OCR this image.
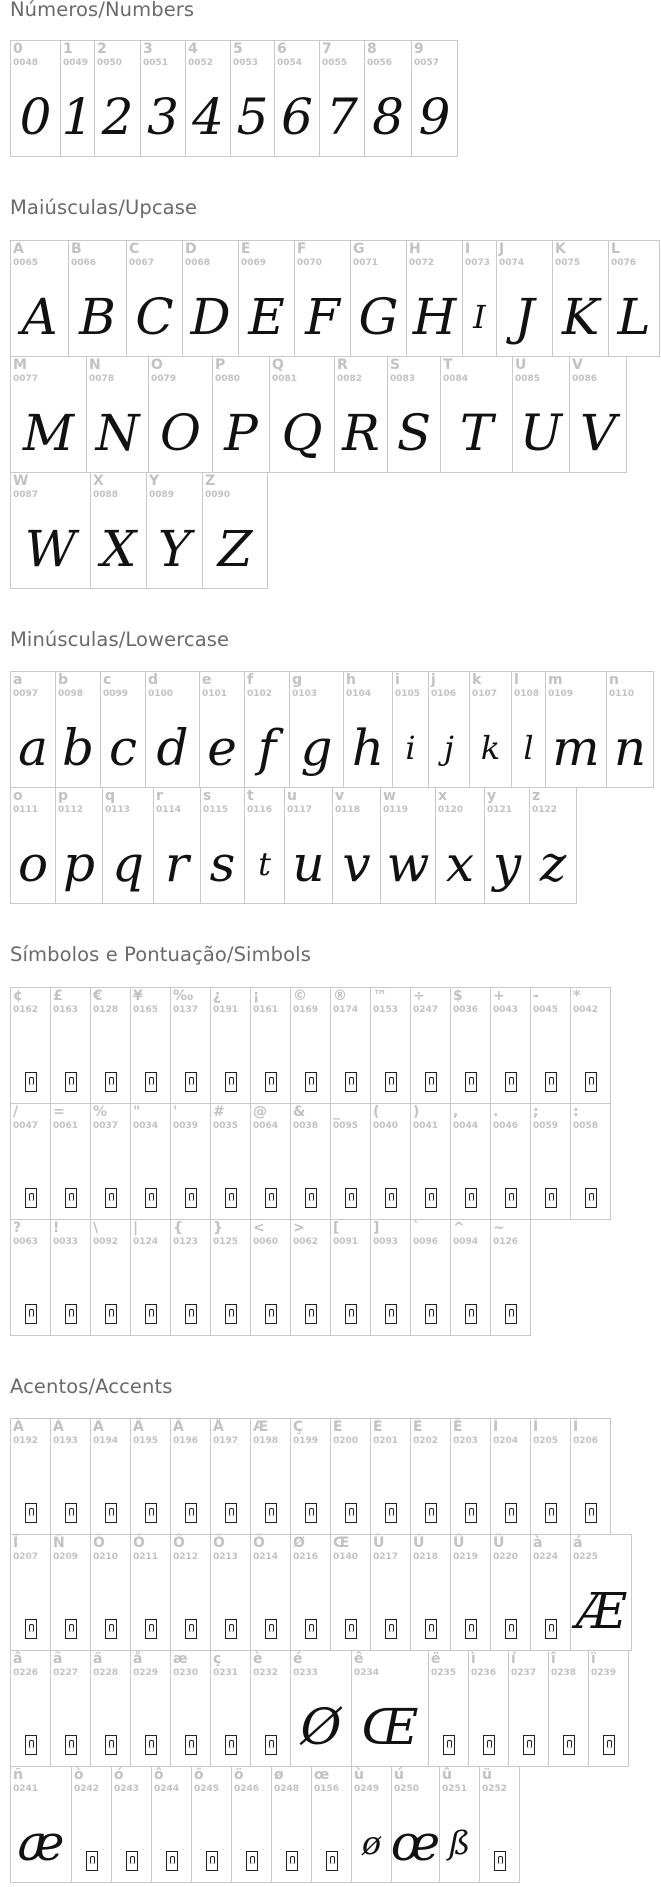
Números/Numbers
Maiúsculas/Upcase
Minúsculas/Lowercase
Símbolos e Pontuação/Simbols
Acentos/Accents
0
0048
0
1
0049
1
2
0050
2
3
0051
3
4
0052
4
5
0053
5
6
0054
6
7
0055
7
8
0056
8
9
0057
9
A
0065
A
B
0066
B
C
0067
C
D
0068
D
E
0069
E
F
0070
F
G
0071
G
H
0072
H
I
0073
I
J
0074
J
K
0075
K
L
0076
L
M
0077
M
N
0078
N
O
0079
O
P
0080
P
Q
0081
Q
R
0082
R
S
0083
S
T
0084
T
U
0085
U
V
0086
V
W
0087
W
X
0088
X
Y
0089
Y
Z
0090
Z
a
0097
a
b
0098
b
c
0099
c
d
0100
d
e
0101
e
f
0102
f
g
0103
g
h
0104
h
i
0105
i
j
0106
j
k
0107
k
l
0108
l
m
0109
m
n
0110
n
o
0111
o
p
0112
p
q
0113
q
r
0114
r
s
0115
s
t
0116
t
u
0117
u
v
0118
v
w
0119
w
x
0120
x
y
0121
y
z
0122
z
¢
0162
£
0163
€
0128
¥
0165
‰
0137
¿
0191
¡
0161
©
0169
®
0174
™
0153
÷
0247
$
0036
+
0043
-
0045
*
0042
/
0047
=
0061
%
0037
"
0034
'
0039
#
0035
@
0064
&
0038
_
0095
(
0040
)
0041
,
0044
.
0046
;
0059
:
0058
?
0063
!
0033
\
0092
|
0124
{
0123
}
0125
<
0060
>
0062
[
0091
]
0093
`
0096
^
0094
~
0126
À
0192
Á
0193
Â
0194
Ã
0195
Ä
0196
Å
0197
Æ
0198
Ç
0199
È
0200
É
0201
Ê
0202
Ë
0203
Ì
0204
Í
0205
Î
0206
Ï
0207
Ñ
0209
Ò
0210
Ó
0211
Ô
0212
Õ
0213
Ö
0214
Ø
0216
Œ
0140
Ù
0217
Ú
0218
Û
0219
Ü
0220
à
0224
á
0225
Æ
â
0226
ã
0227
ä
0228
å
0229
æ
0230
ç
0231
è
0232
é
0233
Ø
ê
0234
Œ
ë
0235
ì
0236
í
0237
î
0238
ï
0239
ñ
0241
æ
ò
0242
ó
0243
ô
0244
õ
0245
ö
0246
ø
0248
œ
0156
ù
0249
ø
ú
0250
œ
û
0251
ß
ü
0252
